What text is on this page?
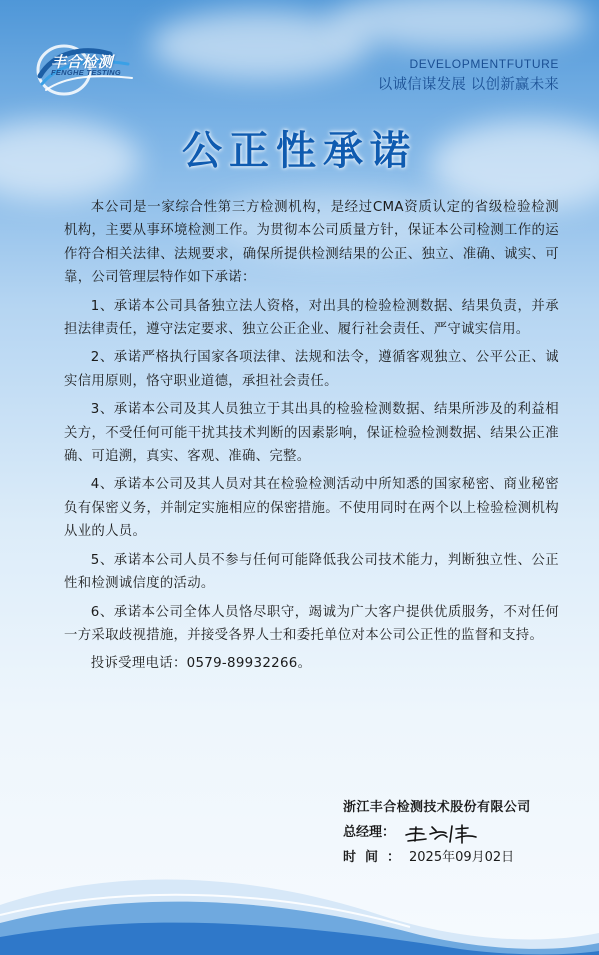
丰合检测
FENGHE TESTING
DEVELOPMENTFUTURE
以诚信谋发展 以创新赢未来
公正性承诺

本公司是一家综合性第三方检测机构，是经过CMA资质认定的省级检验检测机构，主要从事环境检测工作。为贯彻本公司质量方针，保证本公司检测工作的运作符合相关法律、法规要求，确保所提供检测结果的公正、独立、准确、诚实、可靠，公司管理层特作如下承诺：

1、承诺本公司具备独立法人资格，对出具的检验检测数据、结果负责，并承担法律责任，遵守法定要求、独立公正企业、履行社会责任、严守诚实信用。

2、承诺严格执行国家各项法律、法规和法令，遵循客观独立、公平公正、诚实信用原则，恪守职业道德，承担社会责任。

3、承诺本公司及其人员独立于其出具的检验检测数据、结果所涉及的利益相关方，不受任何可能干扰其技术判断的因素影响，保证检验检测数据、结果公正准确、可追溯，真实、客观、准确、完整。

4、承诺本公司及其人员对其在检验检测活动中所知悉的国家秘密、商业秘密负有保密义务，并制定实施相应的保密措施。不使用同时在两个以上检验检测机构从业的人员。

5、承诺本公司人员不参与任何可能降低我公司技术能力，判断独立性、公正性和检测诚信度的活动。

6、承诺本公司全体人员恪尽职守，竭诚为广大客户提供优质服务，不对任何一方采取歧视措施，并接受各界人士和委托单位对本公司公正性的监督和支持。

投诉受理电话：0579-89932266。

浙江丰合检测技术股份有限公司
总经理：
时间：2025年09月02日
